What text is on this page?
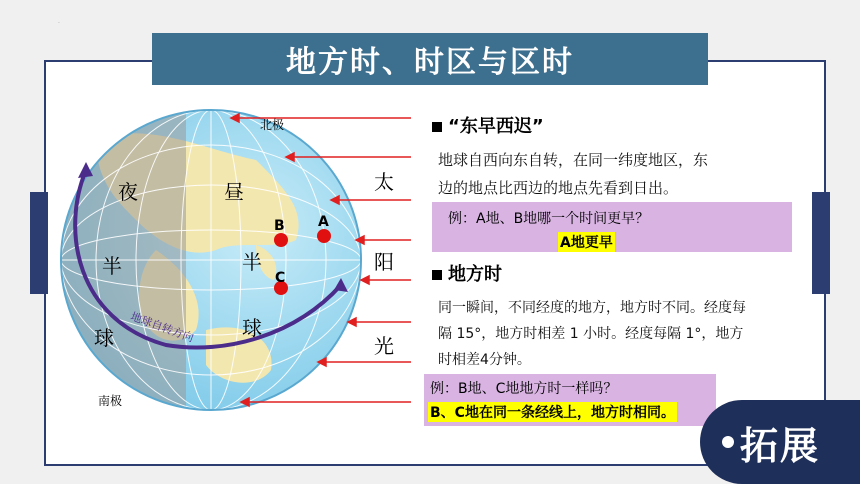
.
地方时、时区与区时
北极
南极
夜
半
球
昼
半
球
太
阳
光
地球自转方向
B A
C
“东早西迟”
地球自西向东自转，在同一纬度地区，东
边的地点比西边的地点先看到日出。
例：A地、B地哪一个时间更早？
A地更早
地方时
同一瞬间，不同经度的地方，地方时不同。经度每
隔 15°，地方时相差 1 小时。经度每隔 1°，地方
时相差4分钟。
例：B地、C地地方时一样吗？
B、C地在同一条经线上，地方时相同。
拓展
